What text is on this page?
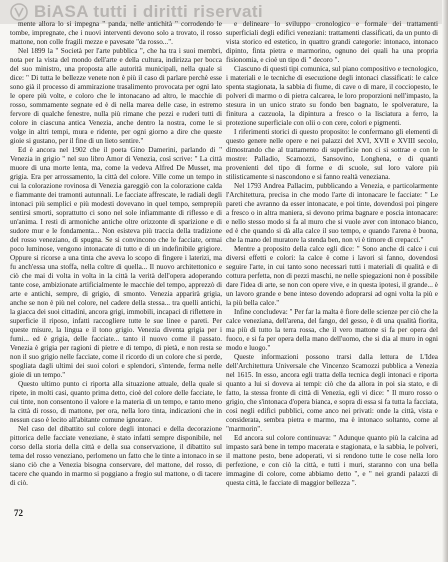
BiASA tutti i diritti riservati

mente allora lo si impegna " panda, nelle antichità " corrodendo le tombe, impregnate, che i nuovi interventi devono solo a trovato, il rosso mattone, non colle fragili mezze e pavesate "da rosso...".

Nel 1899 la " Società per l'arte pubblica ", che ha tra i suoi membri, nota per la vista del mondo dell'arte e della cultura, indirizza per bocca del suo ministro, una proposta alle autorità municipali, nella quale si dice: " Di tutta le bellezze venete non è più il caso di parlare perchè esse sono già il processo di ammirazione trasalimento provocata per ogni lato le opere più volte, e coloro che le intonacano ad altro, le macchie di rosso, sommamente segnate ed è di nella marea delle case, in estremo fervore di qualche fenestre, nulla più rimane che pezzi e ruderi tutti di colore in ciascuna antica Venezia, anche dentro la nostra, come le si volge in altri tempi, mura e ridente, per ogni giorno a dire che queste gioie si gustano, per il fine di un lieto sentire."

Ed è ancora nel 1902 che il poeta Gino Damerini, parlando di " Venezia in grigio " nel suo libro Amor di Venezia, così scrive: " La città muore di una morte lenta, ma, come la vedeva Alfred De Musset, ma grigia. Era per arrossamento, la città del colore. Ville come un tempo in cui la colorazione rovinosa di Venezia gareggiò con la colorazione calda e fiammante dei tramonti autunnali. Le facciate affrescate, le radiali degli intonaci più semplici e più modesti dovevano in quel tempo, semprepiù sentirsi smorti, soprattutto ci sono nel sole infiammante di riflesso e di un'anima. I resti di armoniche antiche oltre orizzonte di sparizione e di sudore mur e le fondamenta... Non esisteva più traccia della tradizione del rosso veneziano, di spugna. Se si convincono che le facciate, ormai poco luminose, vengono intonacate di tutto e di un indefinibile grigiore. Oppure si ricorse a una tinta che aveva lo scopo di fingere i laterizi, ma fu anch'essa una stoffa, nella coltre di quella... Il nuovo architettonico e ciò che mai di volta in volta in la città la verità dell'opera adoperando tante cose, ambizionate artificialmente le macchie del tempo, apprezzò di arte e antichi, sempre, di grigio, di smonto. Venezia apparirà grigia, anche se non è più nel colore, nel cadere della stessa... tra quelli antichi, la giacca dei suoi cittadini, ancora grigi, immobili, incapaci di riflettere in superficie il riposo, infatti raccogliere tutte le sue linee e pareti. Per queste misure, la lingua e il tono grigio. Venezia diventa grigia per i fumi... ed è grigia, delle facciate... tanto il nuovo come il passato. Venezia è grigia per ragioni di pietre e di tempo, di pietà, e non resta se non il suo grigio nelle facciate, come il ricordo di un colore che si perde, spogliata dagli ultimi dei suoi colori e splendori, s'intende, ferma nelle gioie di un tempo."

Questo ultimo punto ci riporta alla situazione attuale, della quale si ripete, in molti casi, quanto prima detto, cioè del colore delle facciate, le cui tinte, non consentono il valore e la materia di un tempo, e tanto meno la città di rosso, di mattone, per ora, nella loro tinta, indicazioni che in nessun caso è lecito all'abitante comune ignorare.

Nel caso del dibattito sul colore degli intonaci e della decorazione pittorica delle facciate veneziane, è stato infatti sempre disponibile, nel corso della storia della città e della sua conservazione, il dibattito sul tema del rosso veneziano, perlomeno un fatto che le tinte a intonaco in se siano ciò che a Venezia bisogna conservare, del mattone, del rosso, di tacere che quando in marmo si poggiano a fregio sul mattone, o di tacere di ciò.

e delineare lo sviluppo cronologico e formale dei trattamenti superficiali degli edifici veneziani: trattamenti classificati, da un punto di vista storico ed estetico, in quattro grandi categorie: intonaco, intonaco dipinto, finta pietra e marmorino, ognuno dei quali ha una propria fisionomia, e cioè un tipo di " decoro ".

Ciascuno di questi tipi comunica, sul piano compositivo e tecnologico, i materiali e le tecniche di esecuzione degli intonaci classificati: le calce spenta stagionata, la sabbia di fiume, di cave o di mare, il cocciopesto, le polveri di marmo o di pietra calcarea, le loro proporzioni nell'impasto, la stesura in un unico strato su fondo ben bagnato, le spolverature, la finitura a cazzuola, la dipintura a fresco o la lisciatura a ferro, la protezione superficiale con olii o con cere, colori e pigmenti.

I riferimenti storici di questo proposito: le confermano gli elementi di questo genere nelle opere e nei palazzi del XVI, XVII e XVIII secolo, dimostrando che al trattamento di superficie non ci si sottrae e con le mostre: Palladio, Scamozzi, Sansovino, Longhena, e di quanti provenienti del tipo di forme e di scuole, sul loro valore più stilisticamente si nascondono e si fanno realtà veneziana.

Nel 1793 Andrea Pallacim, pubblicando a Venezia, e particolarmente l'Architettura, precisa in che modo l'arte di intonacare le facciate: " Le pareti che avranno da esser intonacate, e poi tinte, dovendosi poi pingere a fresco o in altra maniera, si devono prima bagnare e poscia intonacare: e nello stesso modo si fa al muro che si vuole aver con intonaco bianco, ed è che quando si dà alla calce il suo tempo, e quando l'arena è buona, che la mano del muratore la stenda ben, non vi è timore di crepacci."

Mentre a proposito della calce egli dice: " Sono anche di calce i cui diversi effetti e colori: la calce è come i lavori si fanno, dovendosi seguire l'arte, in cui tanto sono necessari tutti i materiali di qualità e di cottura perfetta, non di pezzi maschi, ne nelle spiegazioni non è possibile dare l'idea di arte, se non con opere vive, e in questa ipotesi, il grande... è un lavoro grande e bene inteso dovendo adoprarsi ad ogni volta la più e la più bella calce."

Infine concludeva: " Per far la malta è fiore delle scienze per ciò che la calce veneziana, dell'arena, del fango, del gesso, è di una qualità fiorita, ma più di tutto la terra rossa, che il vero mattone si fa per opera del fuoco, e si fa per opera della mano dell'uomo, che si dia al muro in ogni modo e luogo."

Queste informazioni possono trarsi dalla lettura de L'Idea dell'Architettura Universale che Vincenzo Scamozzi pubblica a Venezia nel 1615. In esso, ancora egli tratta della tecnica degli intonaci e riporta quanto a lui si doveva ai tempi: ciò che da allora in poi sia stato, e di fatto, la stessa fronte di città di Venezia, egli vi dice: " Il muro rosso o grigio, che s'intonaca d'opera bianca, e sopra di essa si fa tutta la facciata, così negli edifici pubblici, come anco nei privati: onde la città, vista e considerata, sembra pietra e marmo, ma è intonaco soltanto, come al "marmorin".

Ed ancora sul colore continuava: " Adunque quanto più la calcina ad impasto sarà bene in tempo macerata e stagionata, e la sabbia, le polveri, il mattone pesto, bene adoperati, vi si rendono tutte le cose nella loro perfezione, e con ciò la città, e tutti i muri, staranno con una bella immagine di colore, come abbiamo detto ", e " nei grandi palazzi di questa città, le facciate di maggior bellezza ".

72
